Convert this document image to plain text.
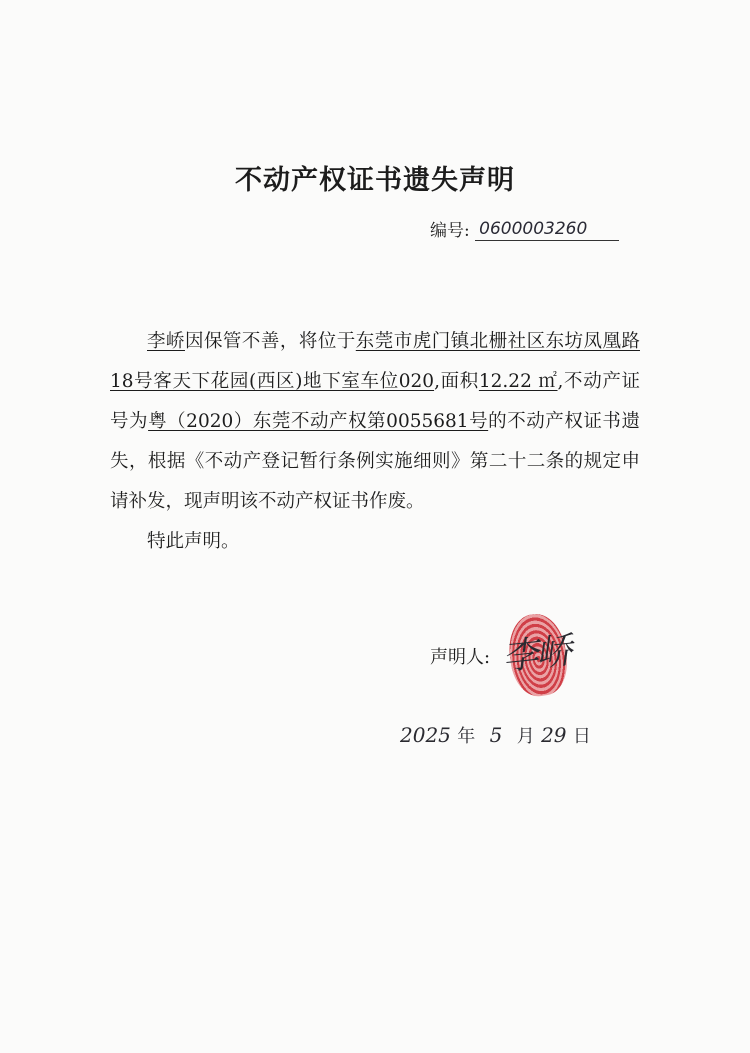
不动产权证书遗失声明
编号: 0600003260

李峤因保管不善，将位于东莞市虎门镇北栅社区东坊凤凰路18号客天下花园(西区)地下室车位020,面积12.22 ㎡,不动产证号为粤（2020）东莞不动产权第0055681号的不动产权证书遗失，根据《不动产登记暂行条例实施细则》第二十二条的规定申请补发，现声明该不动产权证书作废。

特此声明。

声明人: 李峤
2025 年 5 月 29 日
